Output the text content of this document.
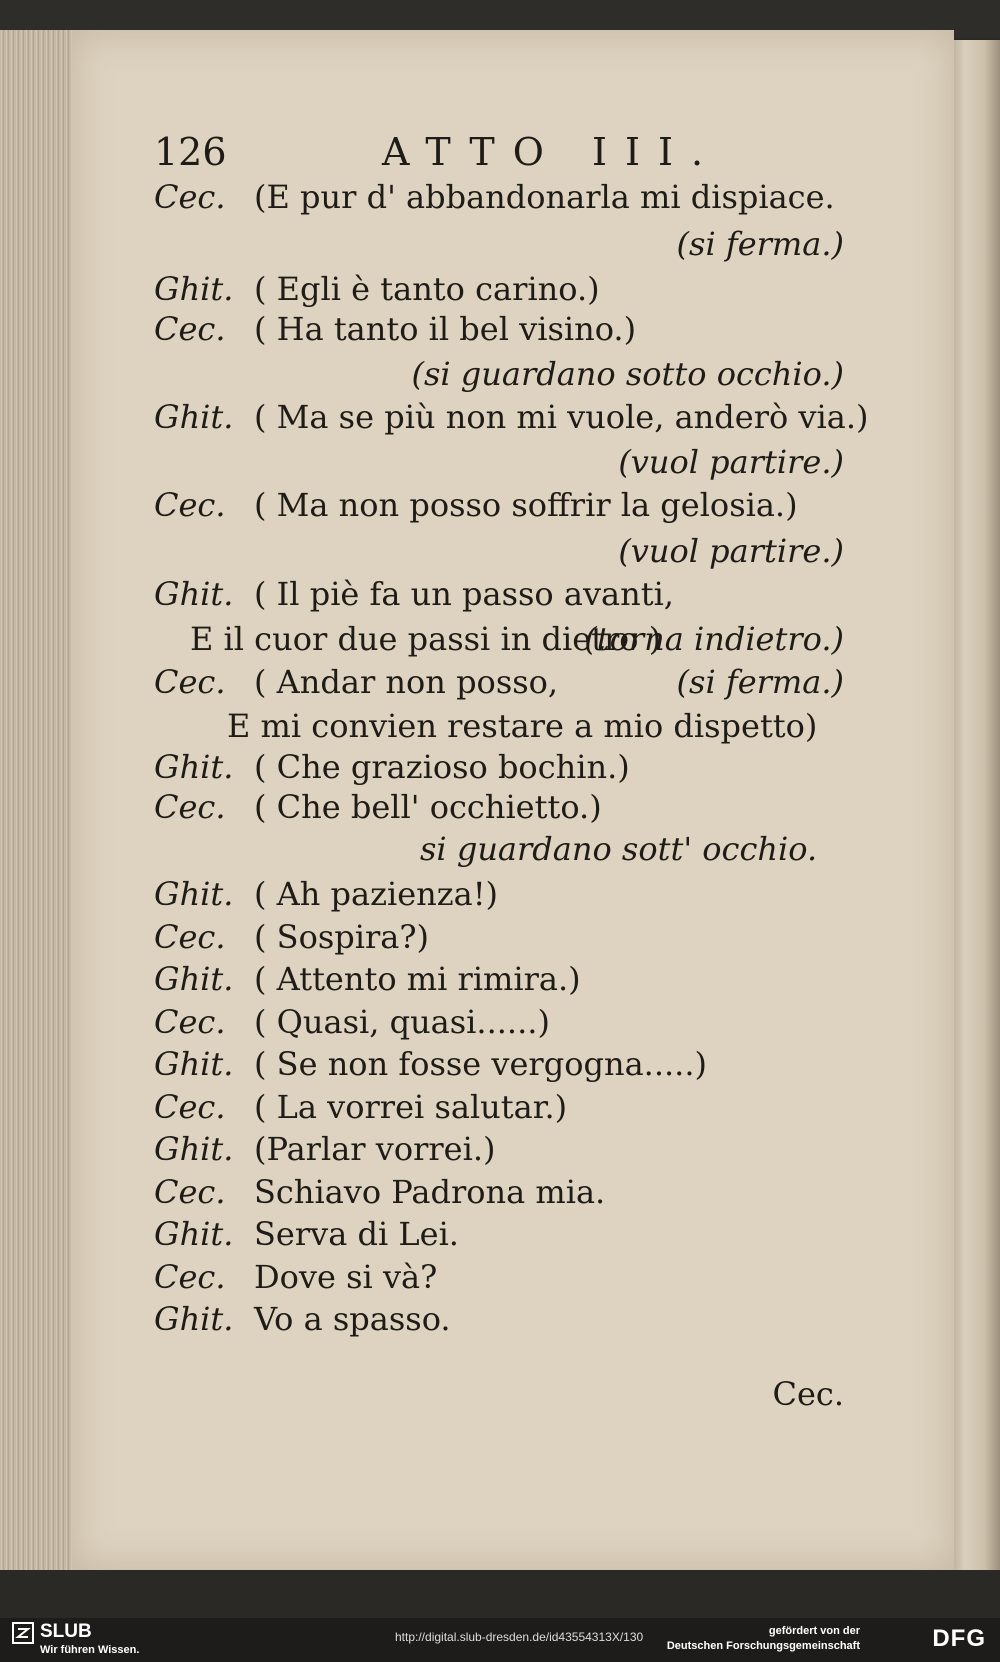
126	ATTO III.
Cec. (E pur d' abbandonarla mi dispiace.
(si ferma.)
Ghit. ( Egli è tanto carino.)
Cec. ( Ha tanto il bel visino.)
(si guardano sotto occhio.)
Ghit. ( Ma se più non mi vuole, anderò via.)
(vuol partire.)
Cec. ( Ma non posso soffrir la gelosia.)
(vuol partire.)
Ghit. ( Il piè fa un passo avanti,
E il cuor due passi in dietro )
(torna indietro.)
Cec. ( Andar non posso,	(si ferma.)
E mi convien restare a mio dispetto)
Ghit. ( Che grazioso bochin.)
Cec. ( Che bell' occhietto.)
si guardano sott' occhio.
Ghit. ( Ah pazienza!)
Cec. ( Sospira?)
Ghit. ( Attento mi rimira.)
Cec. ( Quasi, quasi......)
Ghit. ( Se non fosse vergogna.....)
Cec. ( La vorrei salutar.)
Ghit. (Parlar vorrei.)
Cec. Schiavo Padrona mia.
Ghit. Serva di Lei.
Cec. Dove si và?
Ghit. Vo a spasso.
Cec.
SLUB
Wir führen Wissen.
http://digital.slub-dresden.de/id43554313X/130	gefördert von der
Deutschen Forschungsgemeinschaft	DFG
